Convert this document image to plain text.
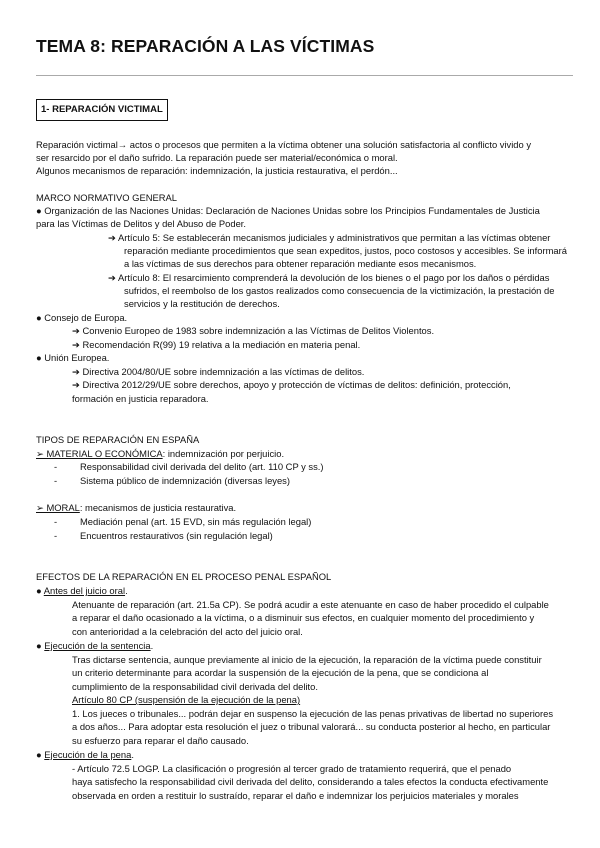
TEMA 8: REPARACIÓN A LAS VÍCTIMAS
1- REPARACIÓN VICTIMAL
Reparación victimal→ actos o procesos que permiten a la víctima obtener una solución satisfactoria al conflicto vivido y
ser resarcido por el daño sufrido. La reparación puede ser material/económica o moral.
Algunos mecanismos de reparación: indemnización, la justicia restaurativa, el perdón...
MARCO NORMATIVO GENERAL
● Organización de las Naciones Unidas: Declaración de Naciones Unidas sobre los Principios Fundamentales de Justicia
para las Víctimas de Delitos y del Abuso de Poder.
➔ Artículo 5: Se establecerán mecanismos judiciales y administrativos que permitan a las víctimas obtener
reparación mediante procedimientos que sean expeditos, justos, poco costosos y accesibles. Se informará
a las víctimas de sus derechos para obtener reparación mediante esos mecanismos.
➔ Artículo 8: El resarcimiento comprenderá la devolución de los bienes o el pago por los daños o pérdidas
sufridos, el reembolso de los gastos realizados como consecuencia de la victimización, la prestación de
servicios y la restitución de derechos.
● Consejo de Europa.
➔ Convenio Europeo de 1983 sobre indemnización a las Víctimas de Delitos Violentos.
➔ Recomendación R(99) 19 relativa a la mediación en materia penal.
● Unión Europea.
➔ Directiva 2004/80/UE sobre indemnización a las víctimas de delitos.
➔ Directiva 2012/29/UE sobre derechos, apoyo y protección de víctimas de delitos: definición, protección,
formación en justicia reparadora.
TIPOS DE REPARACIÓN EN ESPAÑA
➢ MATERIAL O ECONÓMICA: indemnización por perjuicio.
- Responsabilidad civil derivada del delito (art. 110 CP y ss.)
- Sistema público de indemnización (diversas leyes)
➢ MORAL: mecanismos de justicia restaurativa.
- Mediación penal (art. 15 EVD, sin más regulación legal)
- Encuentros restaurativos (sin regulación legal)
EFECTOS DE LA REPARACIÓN EN EL PROCESO PENAL ESPAÑOL
● Antes del juicio oral.
Atenuante de reparación (art. 21.5a CP). Se podrá acudir a este atenuante en caso de haber procedido el culpable
a reparar el daño ocasionado a la víctima, o a disminuir sus efectos, en cualquier momento del procedimiento y
con anterioridad a la celebración del acto del juicio oral.
● Ejecución de la sentencia.
Tras dictarse sentencia, aunque previamente al inicio de la ejecución, la reparación de la víctima puede constituir
un criterio determinante para acordar la suspensión de la ejecución de la pena, que se condiciona al
cumplimiento de la responsabilidad civil derivada del delito.
Artículo 80 CP (suspensión de la ejecución de la pena)
1. Los jueces o tribunales... podrán dejar en suspenso la ejecución de las penas privativas de libertad no superiores
a dos años... Para adoptar esta resolución el juez o tribunal valorará... su conducta posterior al hecho, en particular
su esfuerzo para reparar el daño causado.
● Ejecución de la pena.
- Artículo 72.5 LOGP. La clasificación o progresión al tercer grado de tratamiento requerirá, que el penado
haya satisfecho la responsabilidad civil derivada del delito, considerando a tales efectos la conducta efectivamente
observada en orden a restituir lo sustraído, reparar el daño e indemnizar los perjuicios materiales y morales
